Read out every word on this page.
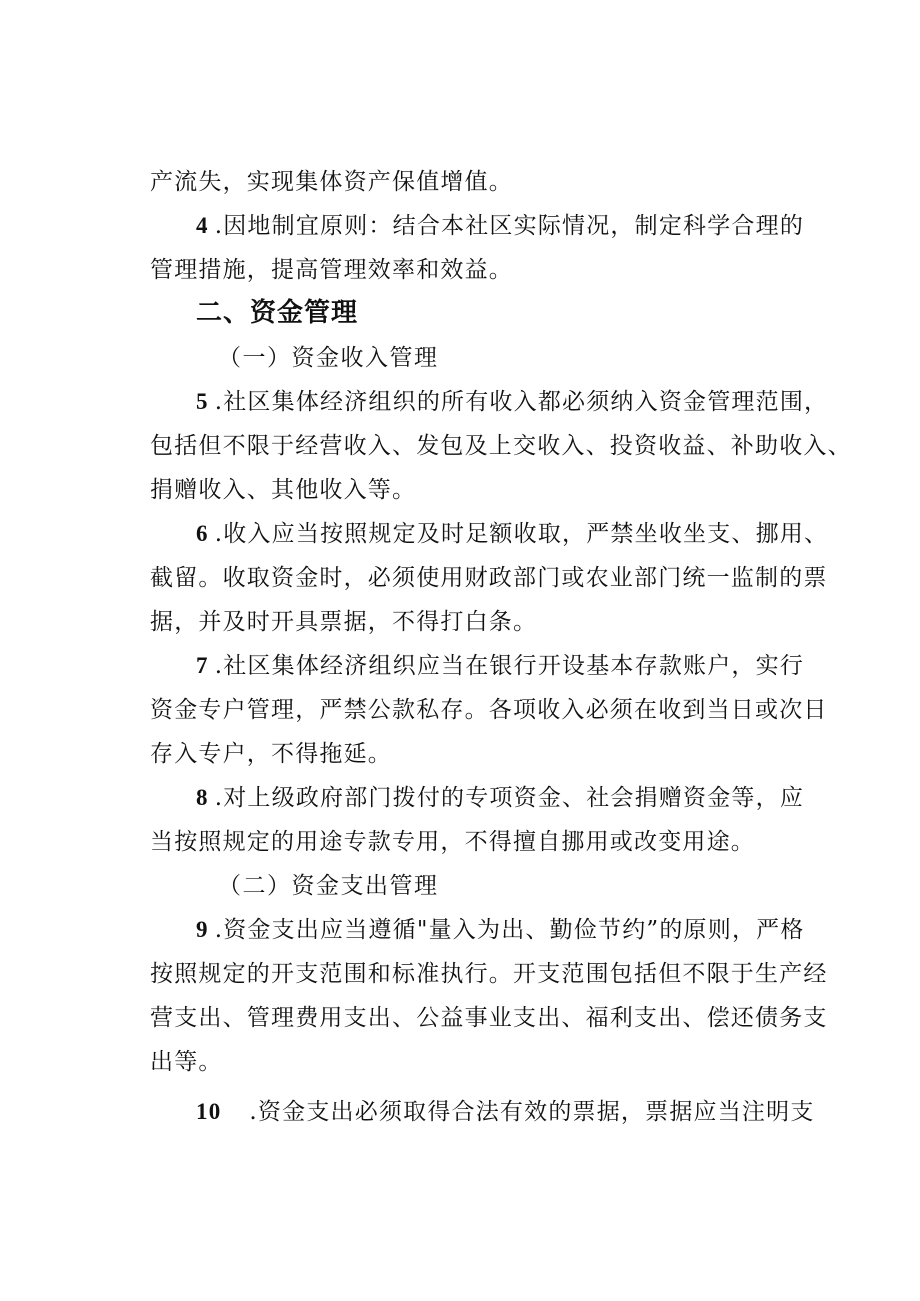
产流失，实现集体资产保值增值。

4 .因地制宜原则：结合本社区实际情况，制定科学合理的

管理措施，提高管理效率和效益。

二、资金管理

（一）资金收入管理

5 .社区集体经济组织的所有收入都必须纳入资金管理范围，

包括但不限于经营收入、发包及上交收入、投资收益、补助收入、

捐赠收入、其他收入等。

6 .收入应当按照规定及时足额收取，严禁坐收坐支、挪用、

截留。收取资金时，必须使用财政部门或农业部门统一监制的票

据，并及时开具票据，不得打白条。

7 .社区集体经济组织应当在银行开设基本存款账户，实行

资金专户管理，严禁公款私存。各项收入必须在收到当日或次日

存入专户，不得拖延。

8 .对上级政府部门拨付的专项资金、社会捐赠资金等，应

当按照规定的用途专款专用，不得擅自挪用或改变用途。

（二）资金支出管理

9 .资金支出应当遵循"量入为出、勤俭节约”的原则，严格

按照规定的开支范围和标准执行。开支范围包括但不限于生产经

营支出、管理费用支出、公益事业支出、福利支出、偿还债务支

出等。

10 .资金支出必须取得合法有效的票据，票据应当注明支
